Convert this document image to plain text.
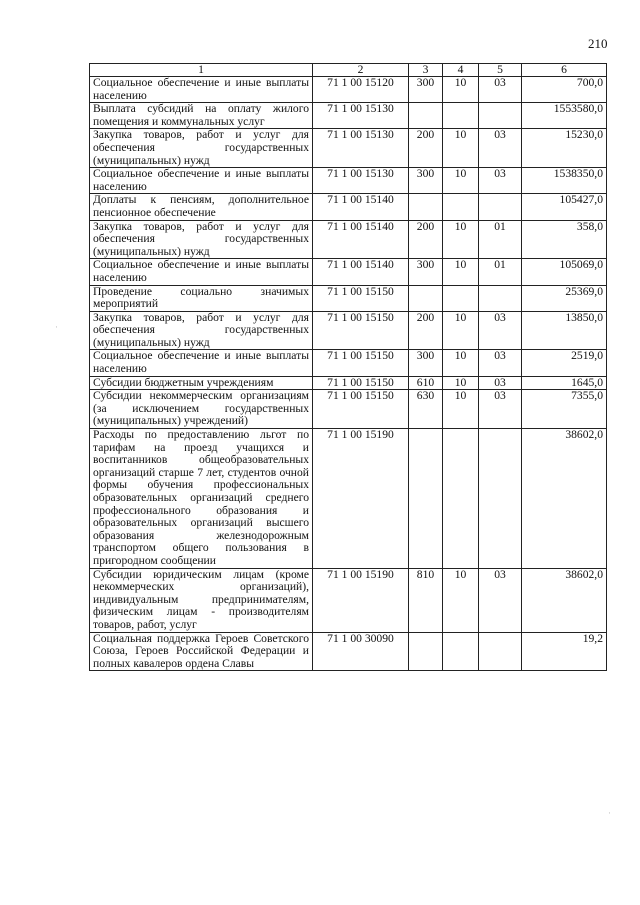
210
1	2	3	4	5	6
Социальное обеспечение и иные выплаты населению	71 1 00 15120	300	10	03	700,0
Выплата субсидий на оплату жилого помещения и коммунальных услуг	71 1 00 15130				1553580,0
Закупка товаров, работ и услуг для обеспечения государственных (муниципальных) нужд	71 1 00 15130	200	10	03	15230,0
Социальное обеспечение и иные выплаты населению	71 1 00 15130	300	10	03	1538350,0
Доплаты к пенсиям, дополнительное пенсионное обеспечение	71 1 00 15140				105427,0
Закупка товаров, работ и услуг для обеспечения государственных (муниципальных) нужд	71 1 00 15140	200	10	01	358,0
Социальное обеспечение и иные выплаты населению	71 1 00 15140	300	10	01	105069,0
Проведение социально значимых мероприятий	71 1 00 15150				25369,0
Закупка товаров, работ и услуг для обеспечения государственных (муниципальных) нужд	71 1 00 15150	200	10	03	13850,0
Социальное обеспечение и иные выплаты населению	71 1 00 15150	300	10	03	2519,0
Субсидии бюджетным учреждениям	71 1 00 15150	610	10	03	1645,0
Субсидии некоммерческим организациям (за исключением государственных (муниципальных) учреждений)	71 1 00 15150	630	10	03	7355,0
Расходы по предоставлению льгот по тарифам на проезд учащихся и воспитанников общеобразовательных организаций старше 7 лет, студентов очной формы обучения профессиональных образовательных организаций среднего профессионального образования и образовательных организаций высшего образования железнодорожным транспортом общего пользования в пригородном сообщении	71 1 00 15190				38602,0
Субсидии юридическим лицам (кроме некоммерческих организаций), индивидуальным предпринимателям, физическим лицам - производителям товаров, работ, услуг	71 1 00 15190	810	10	03	38602,0
Социальная поддержка Героев Советского Союза, Героев Российской Федерации и полных кавалеров ордена Славы	71 1 00 30090				19,2
·
·
